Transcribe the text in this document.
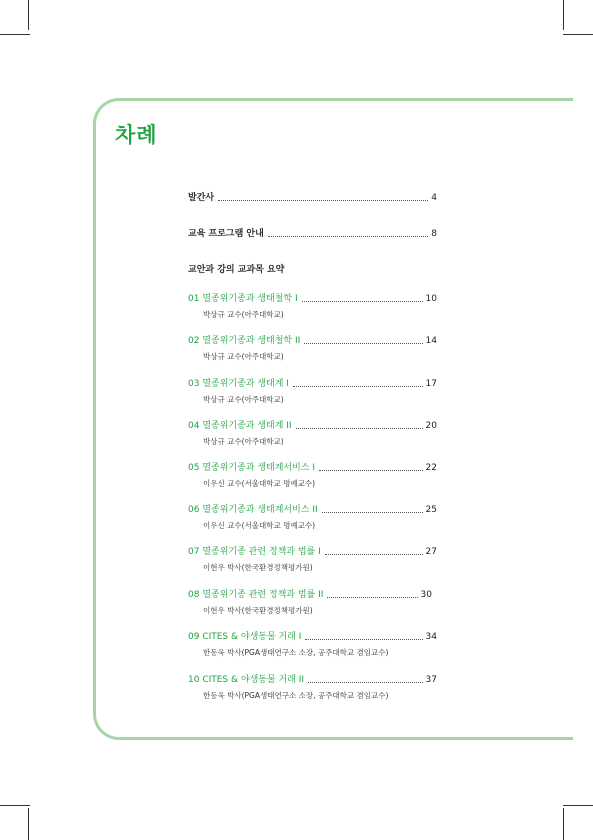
차례
발간사	4
교육 프로그램 안내	8
교안과 강의 교과목 요약
01 멸종위기종과 생태철학 I	10
박상규 교수(아주대학교)
02 멸종위기종과 생태철학 II	14
박상규 교수(아주대학교)
03 멸종위기종과 생태계 I	17
박상규 교수(아주대학교)
04 멸종위기종과 생태계 II	20
박상규 교수(아주대학교)
05 멸종위기종과 생태계서비스 I	22
이우신 교수(서울대학교 명예교수)
06 멸종위기종과 생태계서비스 II	25
이우신 교수(서울대학교 명예교수)
07 멸종위기종 관련 정책과 법률 I	27
이현우 박사(한국환경정책평가원)
08 멸종위기종 관련 정책과 법률 II	30
이현우 박사(한국환경정책평가원)
09 CITES & 야생동물 거래 I	34
한동욱 박사(PGA생태연구소 소장, 공주대학교 겸임교수)
10 CITES & 야생동물 거래 II	37
한동욱 박사(PGA생태연구소 소장, 공주대학교 겸임교수)
